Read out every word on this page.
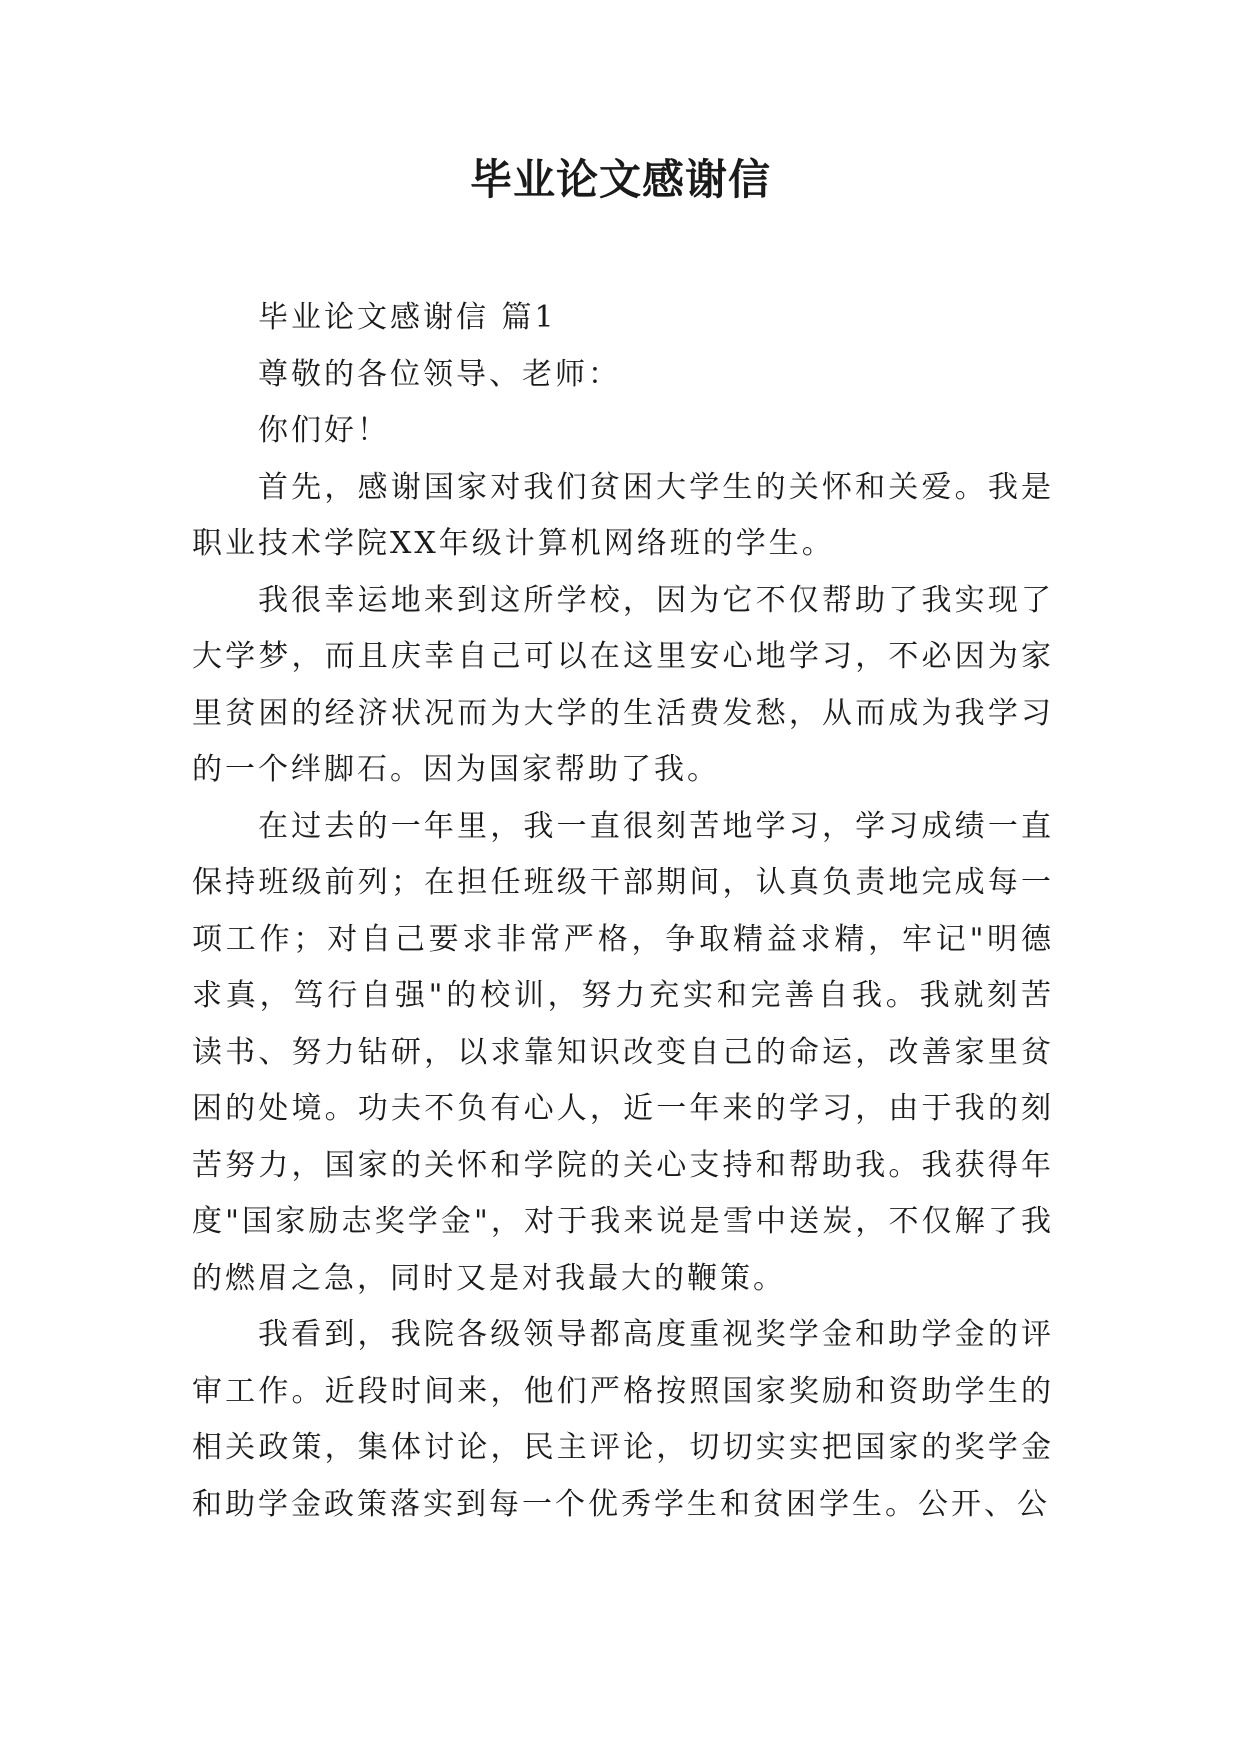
毕业论文感谢信

毕业论文感谢信 篇1

尊敬的各位领导、老师：

你们好！

首先，感谢国家对我们贫困大学生的关怀和关爱。我是职业技术学院XX年级计算机网络班的学生。

我很幸运地来到这所学校，因为它不仅帮助了我实现了大学梦，而且庆幸自己可以在这里安心地学习，不必因为家里贫困的经济状况而为大学的生活费发愁，从而成为我学习的一个绊脚石。因为国家帮助了我。

在过去的一年里，我一直很刻苦地学习，学习成绩一直保持班级前列；在担任班级干部期间，认真负责地完成每一项工作；对自己要求非常严格，争取精益求精，牢记"明德求真，笃行自强"的校训，努力充实和完善自我。我就刻苦读书、努力钻研，以求靠知识改变自己的命运，改善家里贫困的处境。功夫不负有心人，近一年来的学习，由于我的刻苦努力，国家的关怀和学院的关心支持和帮助我。我获得年度"国家励志奖学金"，对于我来说是雪中送炭，不仅解了我的燃眉之急，同时又是对我最大的鞭策。

我看到，我院各级领导都高度重视奖学金和助学金的评审工作。近段时间来，他们严格按照国家奖励和资助学生的相关政策，集体讨论，民主评论，切切实实把国家的奖学金和助学金政策落实到每一个优秀学生和贫困学生。公开、公
